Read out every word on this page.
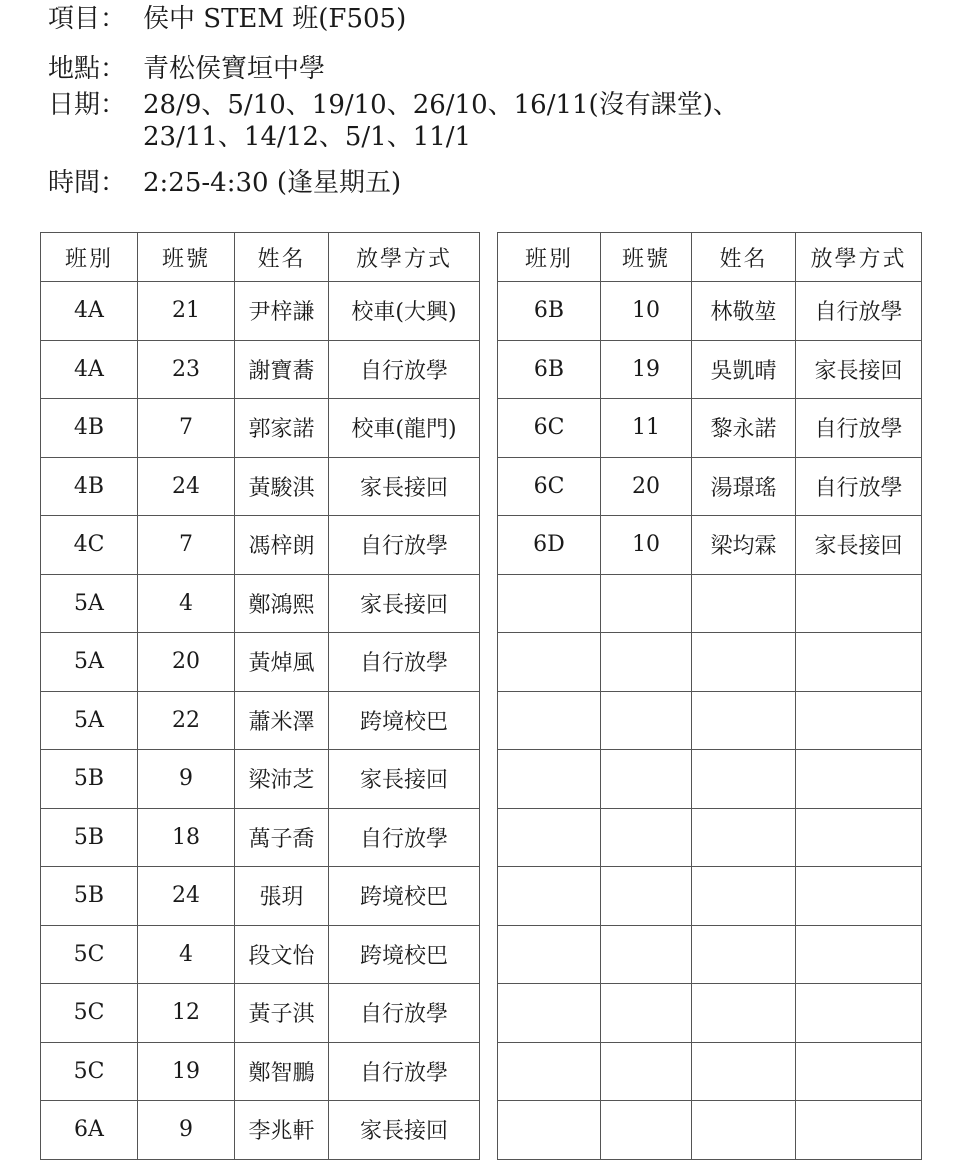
項目： 侯中 STEM 班(F505)
地點： 青松侯寶垣中學
日期： 28/9、5/10、19/10、26/10、16/11(沒有課堂)、
23/11、14/12、5/1、11/1
時間： 2:25-4:30 (逢星期五)
班別	班號	姓名	放學方式
4A	21	尹梓謙	校車(大興)
4A	23	謝寶蕎	自行放學
4B	7	郭家諾	校車(龍門)
4B	24	黃駿淇	家長接回
4C	7	馮梓朗	自行放學
5A	4	鄭鴻熙	家長接回
5A	20	黃焯風	自行放學
5A	22	蕭米澤	跨境校巴
5B	9	梁沛芝	家長接回
5B	18	萬子喬	自行放學
5B	24	張玥	跨境校巴
5C	4	段文怡	跨境校巴
5C	12	黃子淇	自行放學
5C	19	鄭智鵬	自行放學
6A	9	李兆軒	家長接回
班別	班號	姓名	放學方式
6B	10	林敬堃	自行放學
6B	19	吳凱晴	家長接回
6C	11	黎永諾	自行放學
6C	20	湯璟瑤	自行放學
6D	10	梁均霖	家長接回
